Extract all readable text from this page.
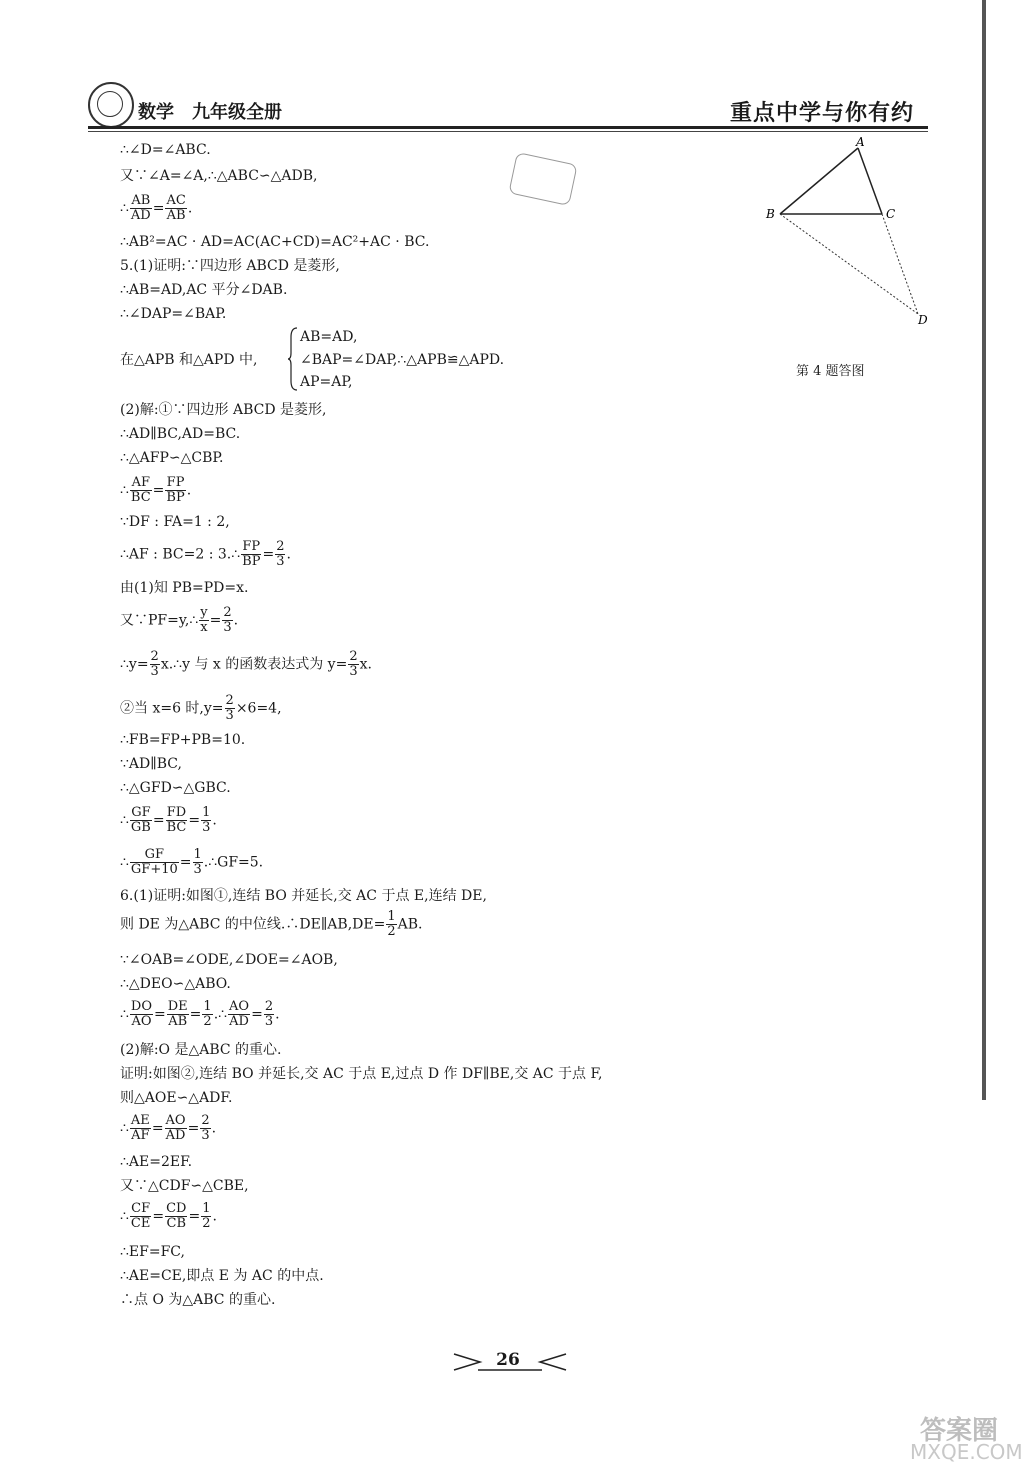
数学　九年级全册	重点中学与你有约
A
B	C
D
第 4 题答图
∴∠D=∠ABC.
又∵∠A=∠A,∴△ABC∽△ADB,
∴ $\frac{AB}{AD} = \frac{AC}{AB}$ .
∴AB²=AC · AD=AC(AC+CD)=AC²+AC · BC.
5.(1)证明:∵四边形 ABCD 是菱形,
∴AB=AD,AC 平分∠DAB.
∴∠DAP=∠BAP.
在△APB 和△APD 中,
AB=AD,
∠BAP=∠DAP,∴△APB≌△APD.
AP=AP,
(2)解:①∵四边形 ABCD 是菱形,
∴AD∥BC,AD=BC.
∴△AFP∽△CBP.
∴ $\frac{AF}{BC} = \frac{FP}{BP}$ .
∵DF : FA=1 : 2,
∴AF : BC=2 : 3.∴ $\frac{FP}{BP} = \frac{2}{3}$ .
由(1)知 PB=PD=x.
又∵PF=y,∴ $\frac{y}{x} = \frac{2}{3}$ .
∴y= $\frac{2}{3}$ x.∴y 与 x 的函数表达式为 $y= \frac{2}{3} x$.
②当 x=6 时$,y= \frac{2}{3} \times 6=4$,
∴FB=FP+PB=10.
∵AD∥BC,
∴△GFD∽△GBC.
∴ $\frac{GF}{GB} = \frac{FD}{BC} = \frac{1}{3}$ .
∴ $\frac{GF}{GF+10} = \frac{1}{3}$ .∴GF=5.
6.(1)证明:如图①,连结 BO 并延长,交 AC 于点 E,连结 DE,
则 DE 为△ABC 的中位线.∴DE∥AB,DE= $\frac{1}{2}$ AB.
∵∠OAB=∠ODE,∠DOE=∠AOB,
∴△DEO∽△ABO.
∴ $\frac{DO}{AO} = \frac{DE}{AB} = \frac{1}{2}$ .∴ $\frac{AO}{AD} = \frac{2}{3}$ .
(2)解:O 是△ABC 的重心.
证明:如图②,连结 BO 并延长,交 AC 于点 E,过点 D 作 DF∥BE,交 AC 于点 F,
则△AOE∽△ADF.
∴ $\frac{AE}{AF} = \frac{AO}{AD} = \frac{2}{3}$ .
∴AE=2EF.
又∵△CDF∽△CBE,
∴ $\frac{CF}{CE} = \frac{CD}{CB} = \frac{1}{2}$ .
∴EF=FC,
∴AE=CE,即点 E 为 AC 的中点.
∴点 O 为△ABC 的重心.
26
答案圈
MXQE.COM
